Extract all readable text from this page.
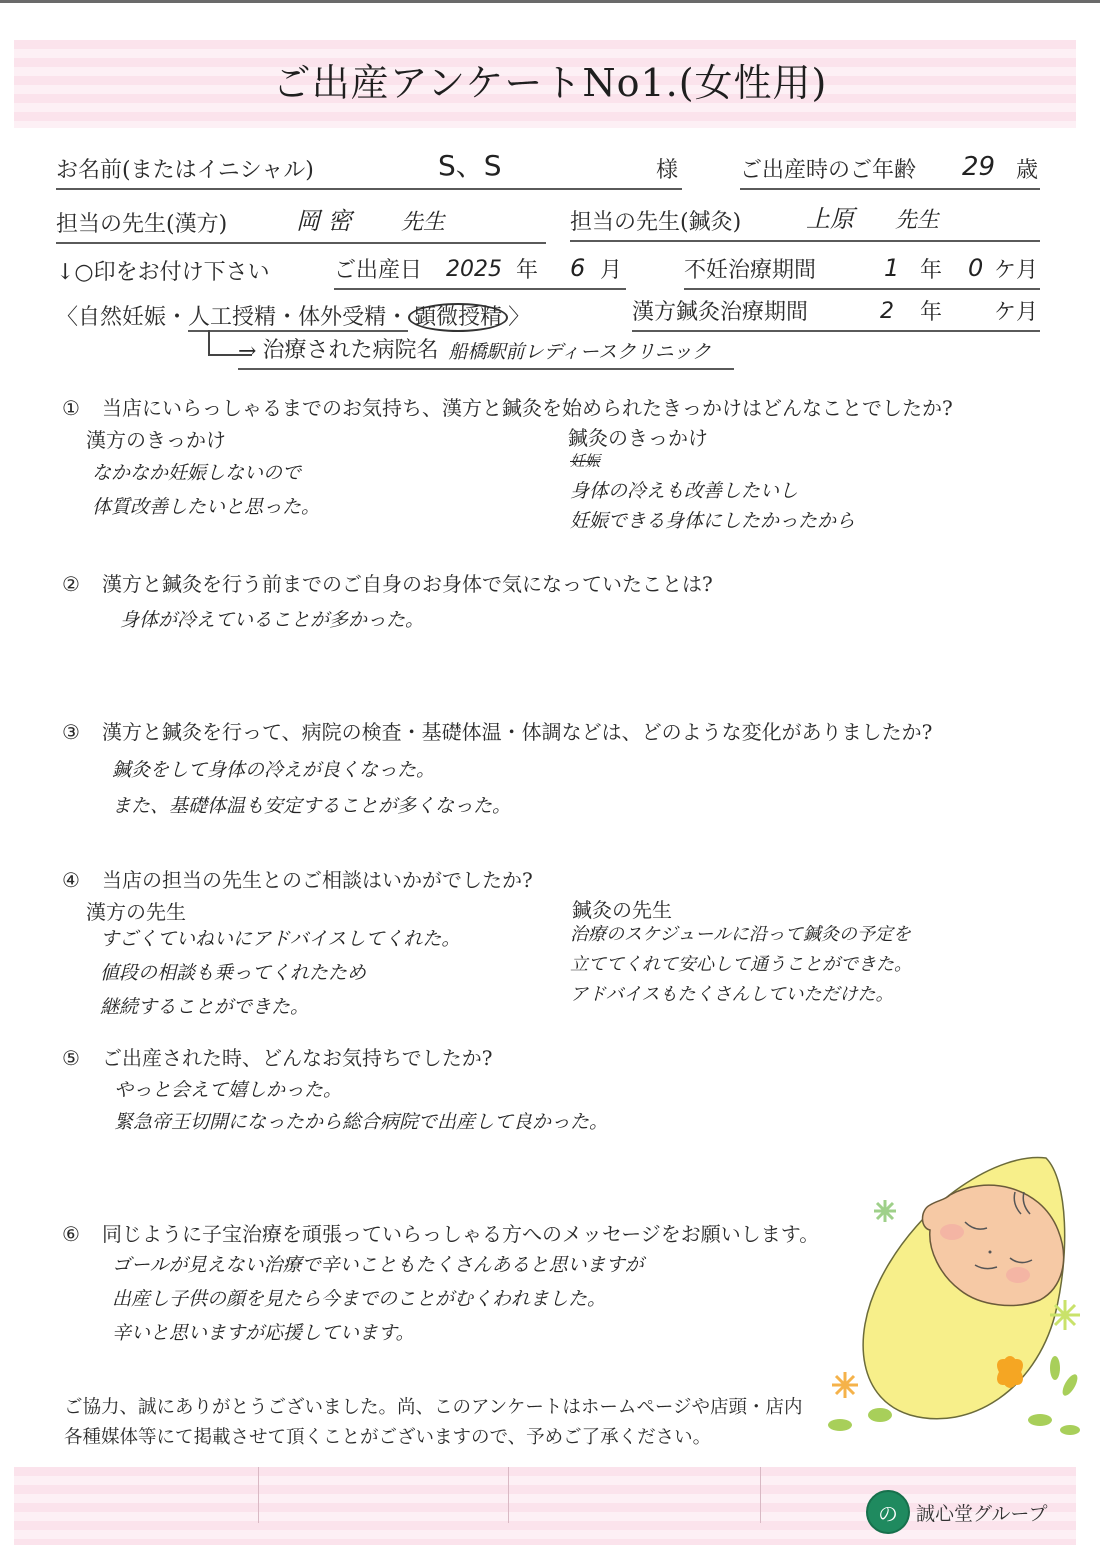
ご出産アンケートNo1.(女性用)
お名前(またはイニシャル)	S、S	様	ご出産時のご年齢 29 歳
担当の先生(漢方)	岡 密 先生	担当の先生(鍼灸)	上原 先生
↓○印をお付け下さい	ご出産日 2025 年 6 月	不妊治療期間	1 年 0 ケ月
〈自然妊娠・人工授精・体外受精・ 顕微授精 〉	漢方鍼灸治療期間	2 年 ケ月
→ 治療された病院名 船橋駅前レディースクリニック
① 当店にいらっしゃるまでのお気持ち、漢方と鍼灸を始められたきっかけはどんなことでしたか?
漢方のきっかけ
なかなか妊娠しないので
体質改善したいと思った。
鍼灸のきっかけ
妊娠
身体の冷えも改善したいし
妊娠できる身体にしたかったから
② 漢方と鍼灸を行う前までのご自身のお身体で気になっていたことは?
身体が冷えていることが多かった。
③ 漢方と鍼灸を行って、病院の検査・基礎体温・体調などは、どのような変化がありましたか?
鍼灸をして身体の冷えが良くなった。
また、基礎体温も安定することが多くなった。
④ 当店の担当の先生とのご相談はいかがでしたか?
漢方の先生
すごくていねいにアドバイスしてくれた。
値段の相談も乗ってくれたため
継続することができた。
鍼灸の先生
治療のスケジュールに沿って鍼灸の予定を
立ててくれて安心して通うことができた。
アドバイスもたくさんしていただけた。
⑤ ご出産された時、どんなお気持ちでしたか?
やっと会えて嬉しかった。
緊急帝王切開になったから総合病院で出産して良かった。
⑥ 同じように子宝治療を頑張っていらっしゃる方へのメッセージをお願いします。
ゴールが見えない治療で辛いこともたくさんあると思いますが
出産し子供の顔を見たら今までのことがむくわれました。
辛いと思いますが応援しています。
ご協力、誠にありがとうございました。尚、このアンケートはホームページや店頭・店内
各種媒体等にて掲載させて頂くことがございますので、予めご了承ください。
の 誠心堂グループ
